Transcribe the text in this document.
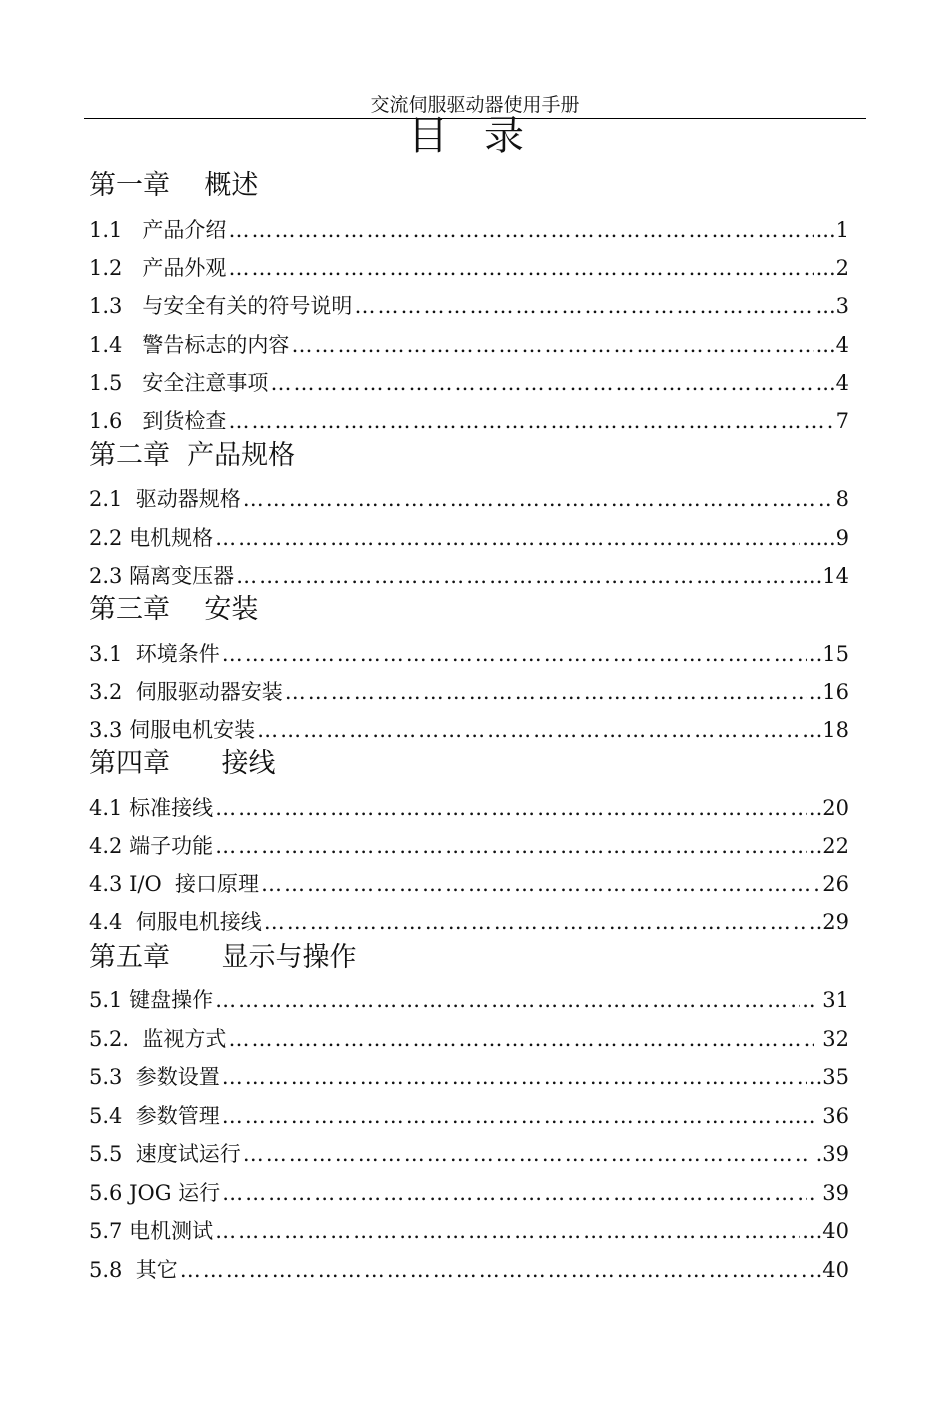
交流伺服驱动器使用手册
目录
第一章    概述
1.1   产品介绍 …………………………………………………………………………………………………………………………………………………	...1
1.2   产品外观 …………………………………………………………………………………………………………………………………………………	...2
1.3   与安全有关的符号说明 …………………………………………………………………………………………………………………………………………………	...3
1.4   警告标志的内容 …………………………………………………………………………………………………………………………………………………	...4
1.5   安全注意事项 …………………………………………………………………………………………………………………………………………………	...4
1.6   到货检查 …………………………………………………………………………………………………………………………………………………	7
第二章  产品规格
2.1  驱动器规格 …………………………………………………………………………………………………………………………………………………	8
2.2 电机规格 …………………………………………………………………………………………………………………………………………………	.....9
2.3 隔离变压器 …………………………………………………………………………………………………………………………………………………	...14
第三章    安装
3.1  环境条件 …………………………………………………………………………………………………………………………………………………	..15
3.2  伺服驱动器安装 …………………………………………………………………………………………………………………………………………………	..16
3.3 伺服电机安装 …………………………………………………………………………………………………………………………………………………	...18
第四章      接线
4.1 标准接线 …………………………………………………………………………………………………………………………………………………	..20
4.2 端子功能 …………………………………………………………………………………………………………………………………………………	..22
4.3 I/O  接口原理 …………………………………………………………………………………………………………………………………………………	26
4.4  伺服电机接线 …………………………………………………………………………………………………………………………………………………	..29
第五章      显示与操作
5.1 键盘操作 …………………………………………………………………………………………………………………………………………………	.. 31
5.2.  监视方式 …………………………………………………………………………………………………………………………………………………	32
5.3  参数设置 …………………………………………………………………………………………………………………………………………………	..35
5.4  参数管理 …………………………………………………………………………………………………………………………………………………	… 36
5.5  速度试运行 …………………………………………………………………………………………………………………………………………………	.39
5.6 JOG 运行 …………………………………………………………………………………………………………………………………………………	. 39
5.7 电机测试 …………………………………………………………………………………………………………………………………………………	...40
5.8  其它 …………………………………………………………………………………………………………………………………………………	..40
